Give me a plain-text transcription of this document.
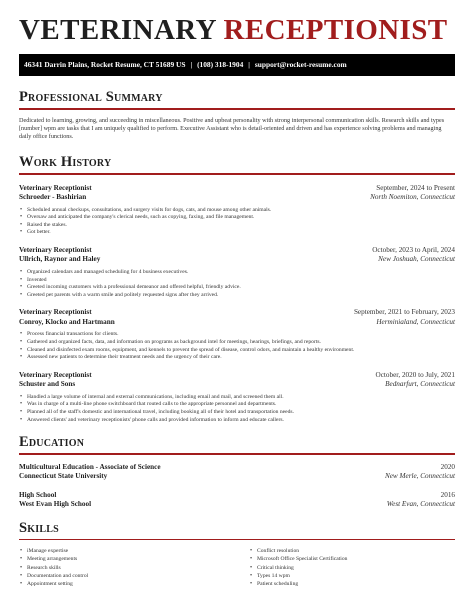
VETERINARY RECEPTIONIST
46341 Darrin Plains, Rocket Resume, CT 51689 US | (108) 318-1904 | support@rocket-resume.com
Professional Summary

Dedicated to learning, growing, and succeeding in miscellaneous. Positive and upbeat personality with strong interpersonal communication skills. Research skills and types [number] wpm are tasks that I am uniquely qualified to perform. Executive Assistant who is detail-oriented and driven and has experience solving problems and managing daily office functions.

Work History
Veterinary Receptionist	September, 2024 to Present
Schroeder - Bashirian	North Noemiton, Connecticut
• Scheduled annual checkups, consultations, and surgery visits for dogs, cats, and mouse among other animals.
• Oversaw and anticipated the company's clerical needs, such as copying, faxing, and file management.
• Raised the stakes.
• Got better.
Veterinary Receptionist	October, 2023 to April, 2024
Ullrich, Raynor and Haley	New Joshuah, Connecticut
• Organized calendars and managed scheduling for 4 business executives.
• Invented
• Greeted incoming customers with a professional demeanor and offered helpful, friendly advice.
• Greeted pet parents with a warm smile and politely requested signs after they arrived.
Veterinary Receptionist	September, 2021 to February, 2023
Conroy, Klocko and Hartmann	Herminialand, Connecticut
• Process financial transactions for clients.
• Gathered and organized facts, data, and information on programs as background intel for meetings, hearings, briefings, and reports.
• Cleaned and disinfected exam rooms, equipment, and kennels to prevent the spread of disease, control odors, and maintain a healthy environment.
• Assessed new patients to determine their treatment needs and the urgency of their care.
Veterinary Receptionist	October, 2020 to July, 2021
Schuster and Sons	Bednarfurt, Connecticut
• Handled a large volume of internal and external communications, including email and mail, and screened them all.
• Was in charge of a multi-line phone switchboard that routed calls to the appropriate personnel and departments.
• Planned all of the staff's domestic and international travel, including booking all of their hotel and transportation needs.
• Answered clients' and veterinary receptionists' phone calls and provided information to inform and educate callers.
Education
Multicultural Education - Associate of Science	2020
Connecticut State University	New Merle, Connecticut
High School	2016
West Evan High School	West Evan, Connecticut
Skills
• iManage expertise
• Meeting arrangements
• Research skills
• Documentation and control
• Appointment setting
• Conflict resolution
• Microsoft Office Specialist Certification
• Critical thinking
• Types 14 wpm
• Patient scheduling
